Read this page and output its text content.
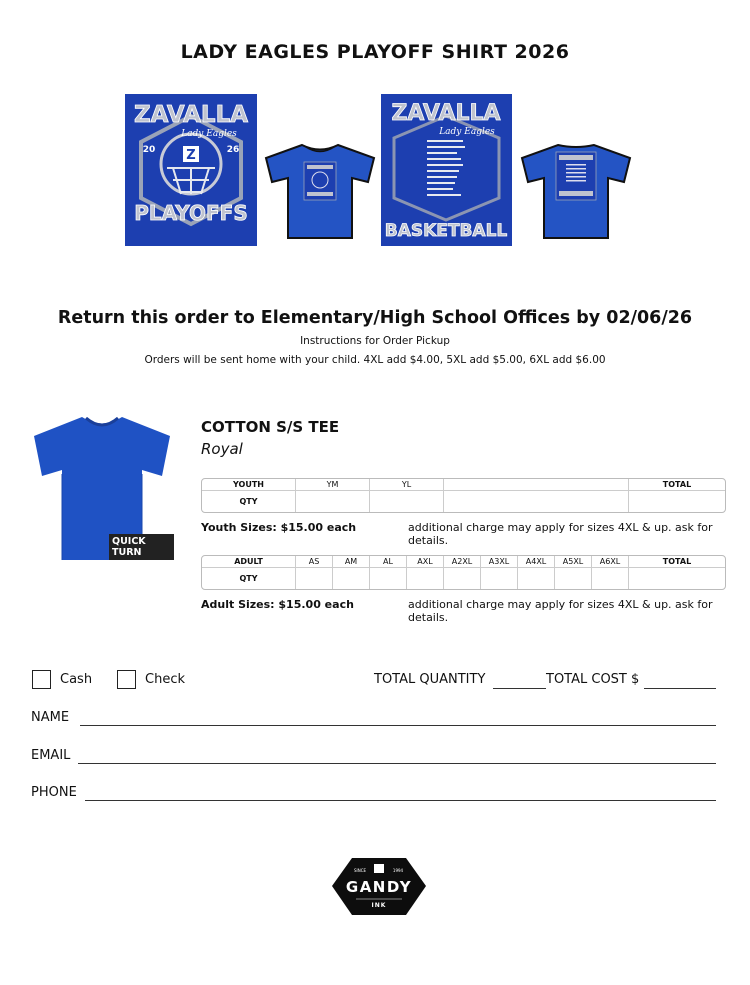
LADY EAGLES PLAYOFF SHIRT 2026
Z
ZAVALLA
Lady Eagles
20	26
PLAYOFFS
ZAVALLA
Lady Eagles
BASKETBALL
Return this order to Elementary/High School Offices by 02/06/26
Instructions for Order Pickup
Orders will be sent home with your child. 4XL add $4.00, 5XL add $5.00, 6XL add $6.00
QUICK TURN
COTTON S/S TEE
Royal
YOUTH	YM	YL		TOTAL
QTY				
Youth Sizes: $15.00 each	additional charge may apply for sizes 4XL & up. ask for details.
ADULT	AS	AM	AL	AXL	A2XL	A3XL	A4XL	A5XL	A6XL	TOTAL
QTY										
Adult Sizes: $15.00 each	additional charge may apply for sizes 4XL & up. ask for details.
Cash	Check	TOTAL QUANTITY	TOTAL COST $
NAME
EMAIL
PHONE
SINCE	1994
GANDY
INK
